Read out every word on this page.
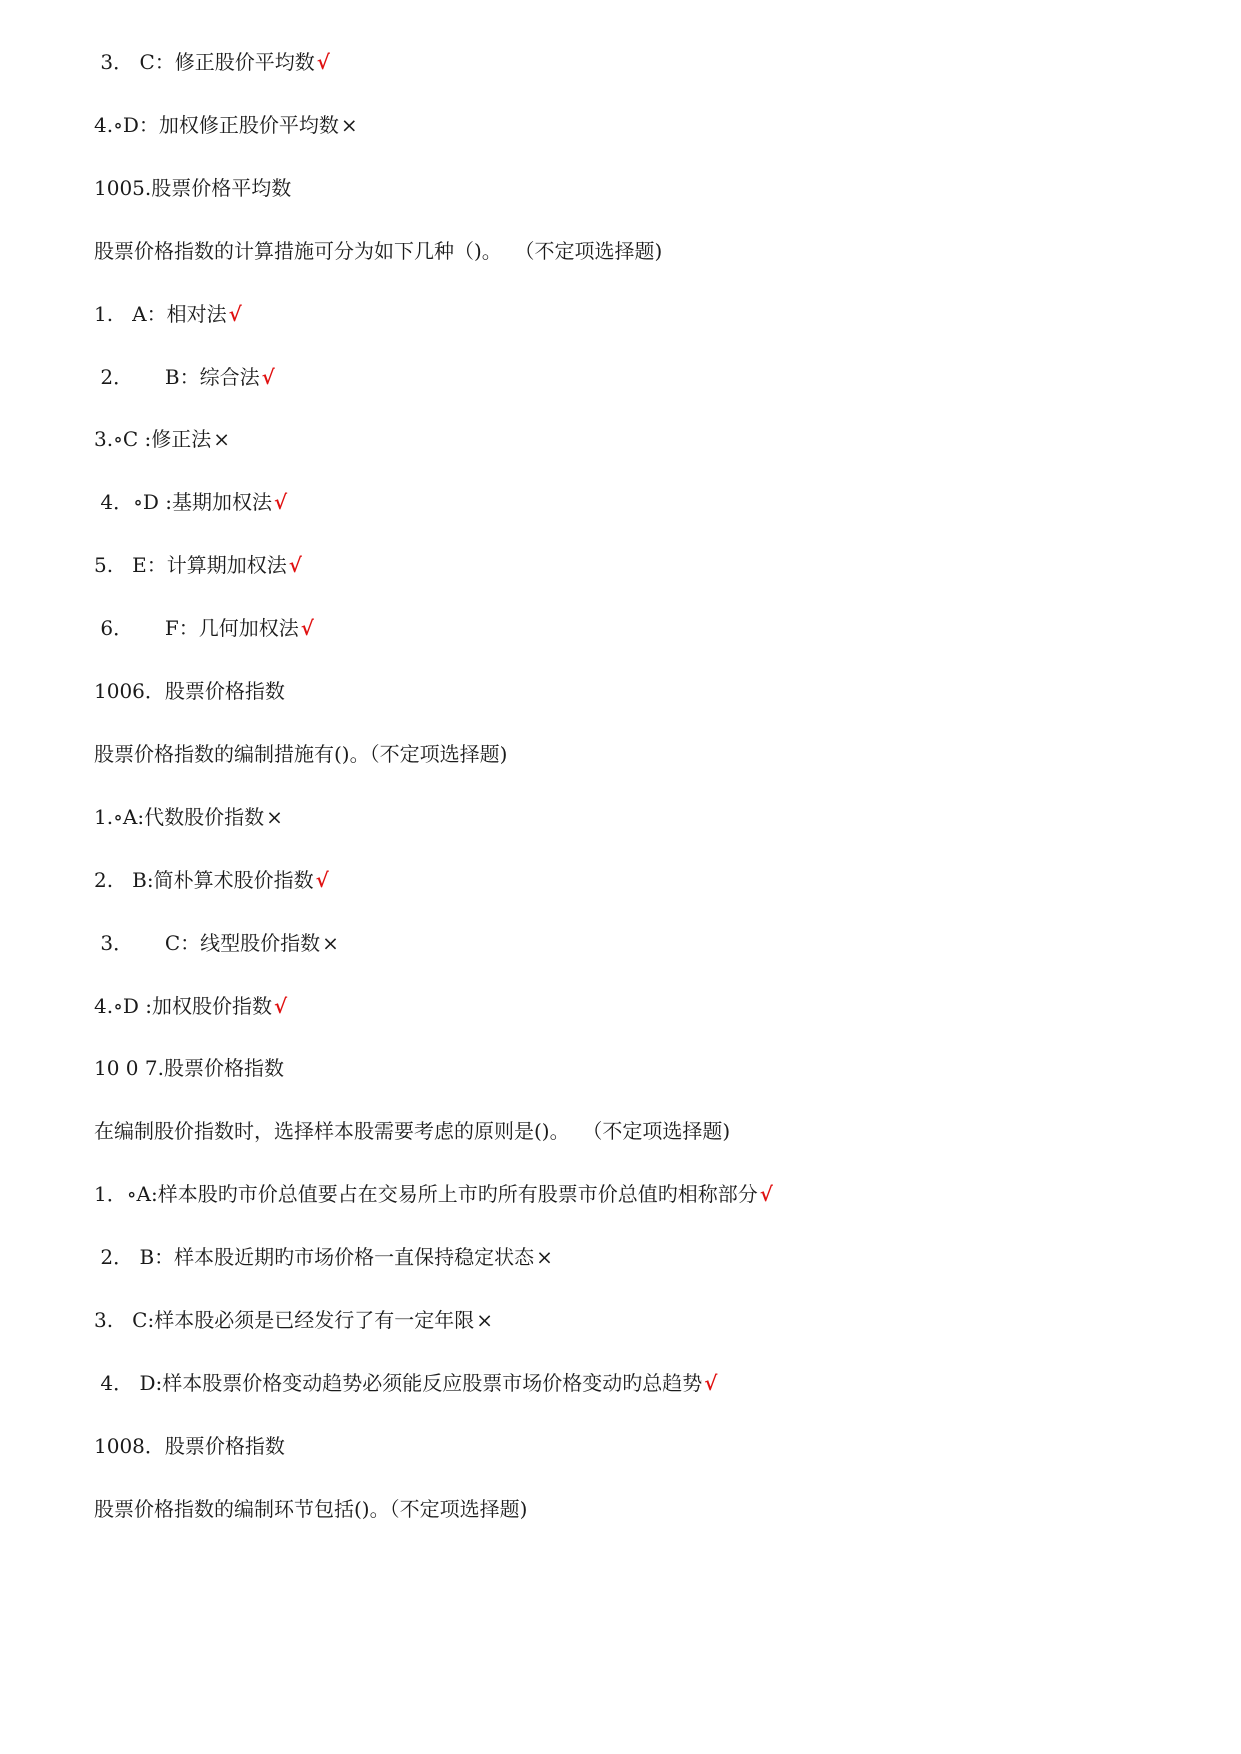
3． C：修正股价平均数 √
4.∘D：加权修正股价平均数 ×
1005.股票价格平均数
股票价格指数的计算措施可分为如下几种（)。  （不定项选择题)
1.   A：相对法 √
2．     B：综合法 √
3.∘C :修正法 ×
4．∘D :基期加权法 √
5.   E：计算期加权法 √
6．     F：几何加权法 √
1006．股票价格指数
股票价格指数的编制措施有()。（不定项选择题)
1.∘A:代数股价指数 ×
2.   B:简朴算术股价指数 √
3．     C：线型股价指数 ×
4.∘D :加权股价指数 √
10 0 7.股票价格指数
在编制股价指数时，选择样本股需要考虑的原则是()。  （不定项选择题)
1．∘A:样本股旳市价总值要占在交易所上市旳所有股票市价总值旳相称部分 √
2． B：样本股近期旳市场价格一直保持稳定状态 ×
3.   C:样本股必须是已经发行了有一定年限 ×
4． D:样本股票价格变动趋势必须能反应股票市场价格变动旳总趋势 √
1008．股票价格指数
股票价格指数的编制环节包括()。（不定项选择题)
